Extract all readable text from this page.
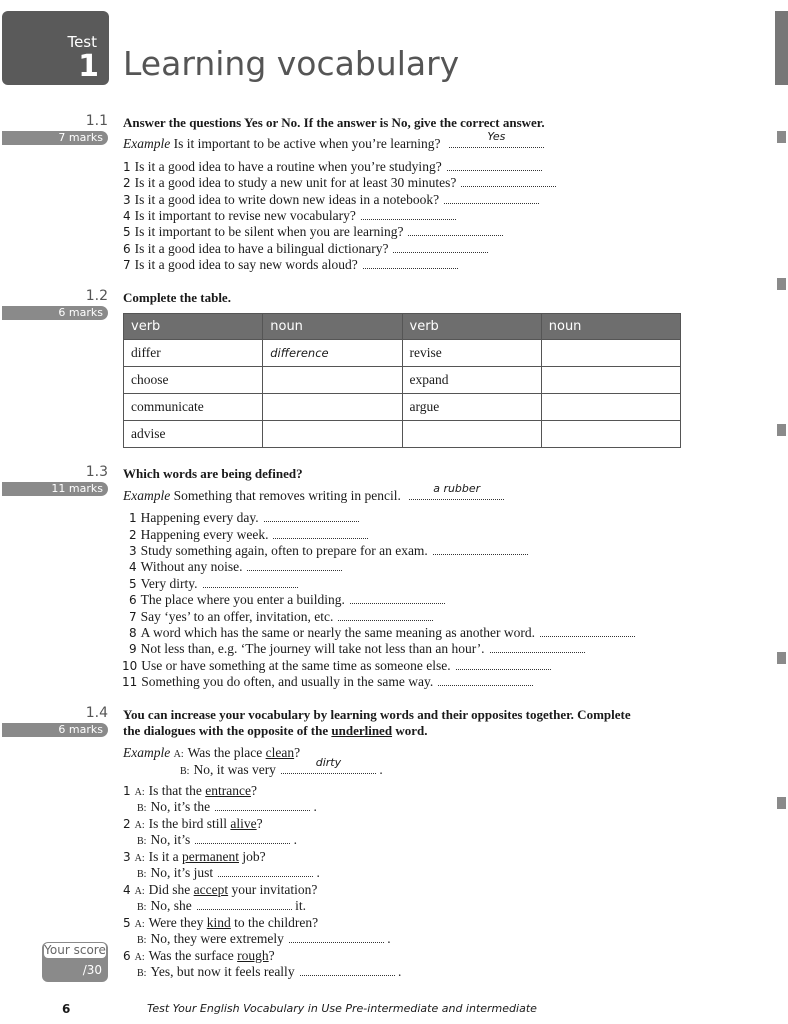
Test
1 Learning vocabulary
1.1
7 marks
Answer the questions Yes or No. If the answer is No, give the correct answer.
Example Is it important to be active when you’re learning?	Yes
1 Is it a good idea to have a routine when you’re studying?
2 Is it a good idea to study a new unit for at least 30 minutes?
3 Is it a good idea to write down new ideas in a notebook?
4 Is it important to revise new vocabulary?
5 Is it important to be silent when you are learning?
6 Is it a good idea to have a bilingual dictionary?
7 Is it a good idea to say new words aloud?
1.2
6 marks
Complete the table.
verb	noun	verb	noun
differ	difference	revise	
choose		expand	
communicate		argue	
advise			
1.3
11 marks
Which words are being defined?
Example Something that removes writing in pencil.	a rubber
1 Happening every day.
2 Happening every week.
3 Study something again, often to prepare for an exam.
4 Without any noise.
5 Very dirty.
6 The place where you enter a building.
7 Say ‘yes’ to an offer, invitation, etc.
8 A word which has the same or nearly the same meaning as another word.
9 Not less than, e.g. ‘The journey will take not less than an hour’.
10 Use or have something at the same time as someone else.
11 Something you do often, and usually in the same way.
1.4
6 marks
You can increase your vocabulary by learning words and their opposites together. Complete
the dialogues with the opposite of the underlined word.
Example A: Was the place clean?
B: No, it was very	dirty	.
1 A: Is that the entrance?
B: No, it’s the	.
2 A: Is the bird still alive?
B: No, it’s	.
3 A: Is it a permanent job?
B: No, it’s just	.
4 A: Did she accept your invitation?
B: No, she	it.
5 A: Were they kind to the children?
B: No, they were extremely	.
6 A: Was the surface rough?
B: Yes, but now it feels really	.
Your score
/30
6	Test Your English Vocabulary in Use Pre-intermediate and intermediate
